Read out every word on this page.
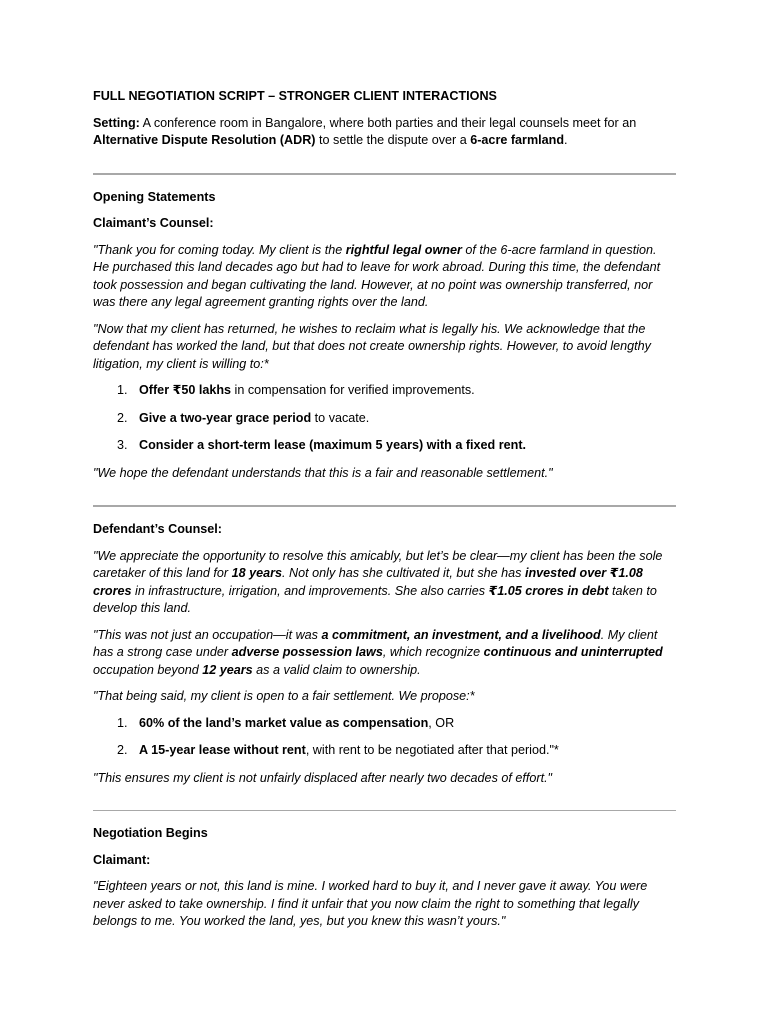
FULL NEGOTIATION SCRIPT – STRONGER CLIENT INTERACTIONS

Setting: A conference room in Bangalore, where both parties and their legal counsels meet for an Alternative Dispute Resolution (ADR) to settle the dispute over a 6-acre farmland.

Opening Statements

Claimant’s Counsel:

"Thank you for coming today. My client is the rightful legal owner of the 6-acre farmland in question. He purchased this land decades ago but had to leave for work abroad. During this time, the defendant took possession and began cultivating the land. However, at no point was ownership transferred, nor was there any legal agreement granting rights over the land.

"Now that my client has returned, he wishes to reclaim what is legally his. We acknowledge that the defendant has worked the land, but that does not create ownership rights. However, to avoid lengthy litigation, my client is willing to:*

1. Offer ₹50 lakhs in compensation for verified improvements.
2. Give a two-year grace period to vacate.
3. Consider a short-term lease (maximum 5 years) with a fixed rent.

"We hope the defendant understands that this is a fair and reasonable settlement."

Defendant’s Counsel:

"We appreciate the opportunity to resolve this amicably, but let’s be clear—my client has been the sole caretaker of this land for 18 years. Not only has she cultivated it, but she has invested over ₹1.08 crores in infrastructure, irrigation, and improvements. She also carries ₹1.05 crores in debt taken to develop this land.

"This was not just an occupation—it was a commitment, an investment, and a livelihood. My client has a strong case under adverse possession laws, which recognize continuous and uninterrupted occupation beyond 12 years as a valid claim to ownership.

"That being said, my client is open to a fair settlement. We propose:*

1. 60% of the land’s market value as compensation, OR
2. A 15-year lease without rent, with rent to be negotiated after that period."*

"This ensures my client is not unfairly displaced after nearly two decades of effort."

Negotiation Begins

Claimant:

"Eighteen years or not, this land is mine. I worked hard to buy it, and I never gave it away. You were never asked to take ownership. I find it unfair that you now claim the right to something that legally belongs to me. You worked the land, yes, but you knew this wasn’t yours."
